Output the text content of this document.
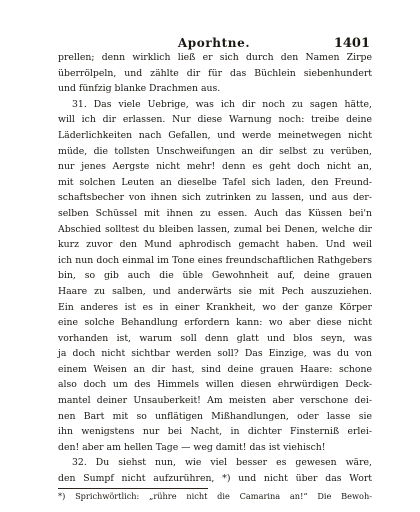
Aporhtne.	1401
prellen; denn wirklich ließ er sich durch den Namen Zirpe
überrölpeln, und zählte dir für das Büchlein siebenhundert
und fünfzig blanke Drachmen aus.
31. Das viele Uebrige, was ich dir noch zu sagen hätte,
will ich dir erlassen. Nur diese Warnung noch: treibe deine
Läderlichkeiten nach Gefallen, und werde meinetwegen nicht
müde, die tollsten Unschweifungen an dir selbst zu verüben,
nur jenes Aergste nicht mehr! denn es geht doch nicht an,
mit solchen Leuten an dieselbe Tafel sich laden, den Freund-
schaftsbecher von ihnen sich zutrinken zu lassen, und aus der-
selben Schüssel mit ihnen zu essen. Auch das Küssen bei'n
Abschied solltest du bleiben lassen, zumal bei Denen, welche dir
kurz zuvor den Mund aphrodisch gemacht haben. Und weil
ich nun doch einmal im Tone eines freundschaftlichen Rathgebers
bin, so gib auch die üble Gewohnheit auf, deine grauen
Haare zu salben, und anderwärts sie mit Pech auszuziehen.
Ein anderes ist es in einer Krankheit, wo der ganze Körper
eine solche Behandlung erfordern kann: wo aber diese nicht
vorhanden ist, warum soll denn glatt und blos seyn, was
ja doch nicht sichtbar werden soll? Das Einzige, was du von
einem Weisen an dir hast, sind deine grauen Haare: schone
also doch um des Himmels willen diesen ehrwürdigen Deck-
mantel deiner Unsauberkeit! Am meisten aber verschone dei-
nen Bart mit so unflätigen Mißhandlungen, oder lasse sie
ihn wenigstens nur bei Nacht, in dichter Finsterniß erlei-
den! aber am hellen Tage — weg damit! das ist viehisch!
32. Du siehst nun, wie viel besser es gewesen wäre,
den Sumpf nicht aufzurühren, *) und nicht über das Wort
*) Sprichwörtlich: „rühre nicht die Camarina an!“ Die Bewoh-
